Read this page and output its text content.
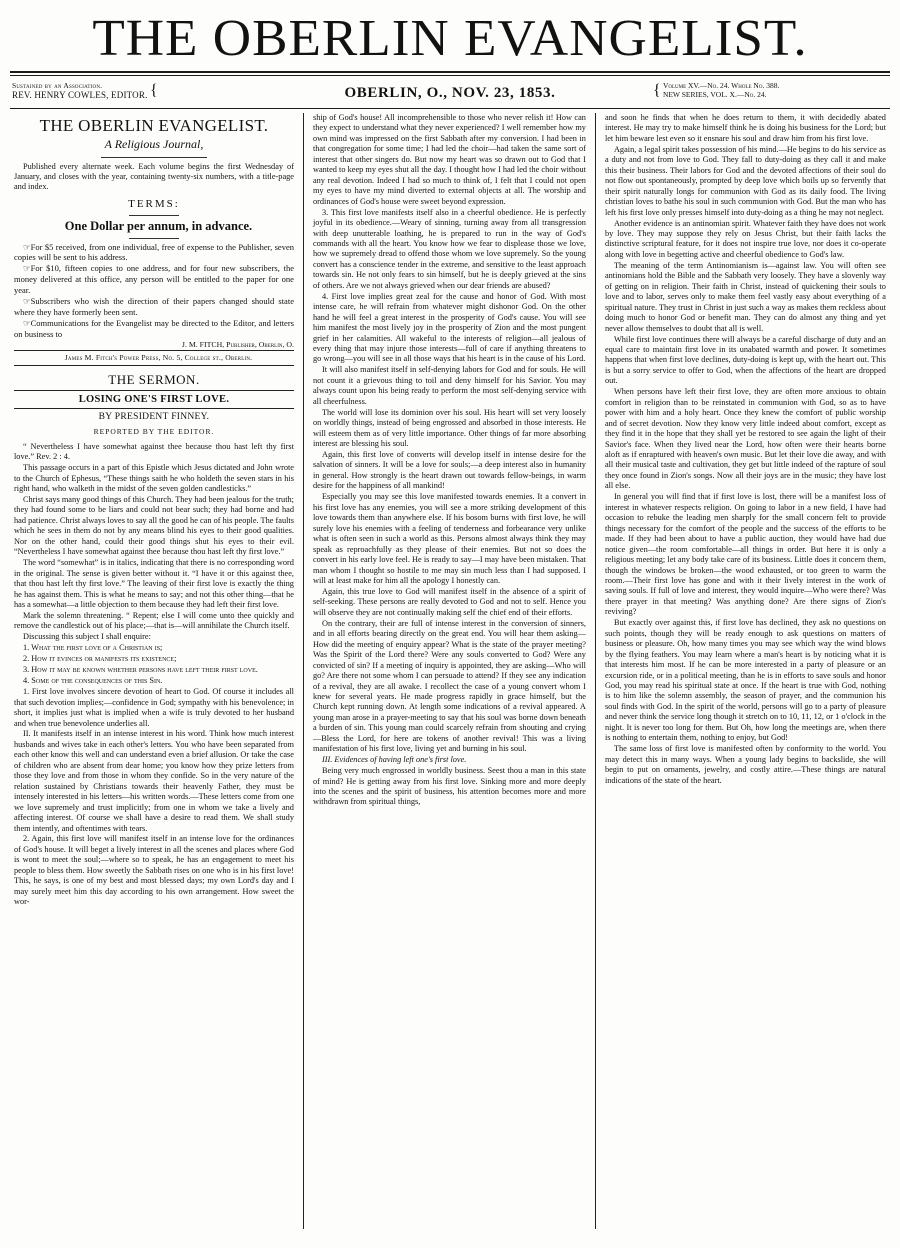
THE OBERLIN EVANGELIST.
Sustained by an Association.
REV. HENRY COWLES, EDITOR. {	OBERLIN, O., NOV. 23, 1853.	{ Volume XV.—No. 24. Whole No. 388.
NEW SERIES, VOL. X.—No. 24.
THE OBERLIN EVANGELIST.
A Religious Journal,

Published every alternate week. Each volume begins the first Wednesday of January, and closes with the year, containing twenty-six numbers, with a title-page and index.

TERMS:

One Dollar per annum, in advance.

☞For $5 received, from one individual, free of expense to the Publisher, seven copies will be sent to his address.

☞For $10, fifteen copies to one address, and for four new subscribers, the money delivered at this office, any person will be entitled to the paper for one year.

☞Subscribers who wish the direction of their papers changed should state where they have formerly been sent.

☞Communications for the Evangelist may be directed to the Editor, and letters on business to

J. M. FITCH, Publisher, Oberlin, O.

James M. Fitch's Power Press, No. 5, College st., Oberlin.

THE SERMON.
LOSING ONE'S FIRST LOVE.
BY PRESIDENT FINNEY.
REPORTED BY THE EDITOR.

“ Nevertheless I have somewhat against thee because thou hast left thy first love.” Rev. 2 : 4.

This passage occurs in a part of this Epistle which Jesus dictated and John wrote to the Church of Ephesus, “These things saith he who holdeth the seven stars in his right hand, who walketh in the midst of the seven golden candlesticks.”

Christ says many good things of this Church. They had been jealous for the truth; they had found some to be liars and could not bear such; they had borne and had had patience. Christ always loves to say all the good he can of his people. The faults which he sees in them do not by any means blind his eyes to their good qualities. Nor on the other hand, could their good things shut his eyes to their evil. “Nevertheless I have somewhat against thee because thou hast left thy first love.”

The word “somewhat” is in italics, indicating that there is no corresponding word in the original. The sense is given better without it. “I have it or this against thee, that thou hast left thy first love.” The leaving of their first love is exactly the thing he has against them. This is what he means to say; and not this other thing—that he has a somewhat—a little objection to them because they had left their first love.

Mark the solemn threatening. “ Repent; else I will come unto thee quickly and remove the candlestick out of his place;—that is—will annihilate the Church itself.

Discussing this subject I shall enquire:

1. What the first love of a Christian is;

2. How it evinces or manifests its existence;

3. How it may be known whether persons have left their first love.

4. Some of the consequences of this Sin.

1. First love involves sincere devotion of heart to God. Of course it includes all that such devotion implies;—confidence in God; sympathy with his benevolence; in short, it implies just what is implied when a wife is truly devoted to her husband and when true benevolence underlies all.

II. It manifests itself in an intense interest in his word. Think how much interest husbands and wives take in each other's letters. You who have been separated from each other know this well and can understand even a brief allusion. Or take the case of children who are absent from dear home; you know how they prize letters from those they love and from those in whom they confide. So in the very nature of the relation sustained by Christians towards their heavenly Father, they must be intensely interested in his letters—his written words.—These letters come from one we love supremely and trust implicitly; from one in whom we take a lively and affecting interest. Of course we shall have a desire to read them. We shall study them intently, and oftentimes with tears.

2. Again, this first love will manifest itself in an intense love for the ordinances of God's house. It will beget a lively interest in all the scenes and places where God is wont to meet the soul;—where so to speak, he has an engagement to meet his people to bless them. How sweetly the Sabbath rises on one who is in his first love! This, he says, is one of my best and most blessed days; my own Lord's day and I may surely meet him this day according to his own arrangement. How sweet the wor-

ship of God's house! All incomprehensible to those who never relish it! How can they expect to understand what they never experienced? I well remember how my own mind was impressed on the first Sabbath after my conversion. I had been in that congregation for some time; I had led the choir—had taken the same sort of interest that other singers do. But now my heart was so drawn out to God that I wanted to keep my eyes shut all the day. I thought how I had led the choir without any real devotion. Indeed I had so much to think of, I felt that I could not open my eyes to have my mind diverted to external objects at all. The worship and ordinances of God's house were sweet beyond expression.

3. This first love manifests itself also in a cheerful obedience. He is perfectly joyful in its obedience.—Weary of sinning, turning away from all transgression with deep unutterable loathing, he is prepared to run in the way of God's commands with all the heart. You know how we fear to displease those we love, how we supremely dread to offend those whom we love supremely. So the young convert has a conscience tender in the extreme, and sensitive to the least approach towards sin. He not only fears to sin himself, but he is deeply grieved at the sins of others. Are we not always grieved when our dear friends are abused?

4. First love implies great zeal for the cause and honor of God. With most intense care, he will refrain from whatever might dishonor God. On the other hand he will feel a great interest in the prosperity of God's cause. You will see him manifest the most lively joy in the prosperity of Zion and the most pungent grief in her calamities. All wakeful to the interests of religion—all jealous of every thing that may injure those interests—full of care if anything threatens to go wrong—you will see in all those ways that his heart is in the cause of his Lord.

It will also manifest itself in self-denying labors for God and for souls. He will not count it a grievous thing to toil and deny himself for his Savior. You may always count upon his being ready to perform the most self-denying service with all cheerfulness.

The world will lose its dominion over his soul. His heart will set very loosely on worldly things, instead of being engrossed and absorbed in those interests. He will esteem them as of very little importance. Other things of far more absorbing interest are blessing his soul.

Again, this first love of converts will develop itself in intense desire for the salvation of sinners. It will be a love for souls;—a deep interest also in humanity in general. How strongly is the heart drawn out towards fellow-beings, in warm desire for the happiness of all mankind!

Especially you may see this love manifested towards enemies. It a convert in his first love has any enemies, you will see a more striking development of this love towards them than anywhere else. If his bosom burns with first love, he will surely love his enemies with a feeling of tenderness and forbearance very unlike what is often seen in such a world as this. Persons almost always think they may speak as reproachfully as they please of their enemies. But not so does the convert in his early love feel. He is ready to say—I may have been mistaken. That man whom I thought so hostile to me may sin much less than I had supposed. I will at least make for him all the apology I honestly can.

Again, this true love to God will manifest itself in the absence of a spirit of self-seeking. These persons are really devoted to God and not to self. Hence you will observe they are not continually making self the chief end of their efforts.

On the contrary, their are full of intense interest in the conversion of sinners, and in all efforts bearing directly on the great end. You will hear them asking—How did the meeting of enquiry appear? What is the state of the prayer meeting? Was the Spirit of the Lord there? Were any souls converted to God? Were any convicted of sin? If a meeting of inquiry is appointed, they are asking—Who will go? Are there not some whom I can persuade to attend? If they see any indication of a revival, they are all awake. I recollect the case of a young convert whom I knew for several years. He made progress rapidly in grace himself, but the Church kept running down. At length some indications of a revival appeared. A young man arose in a prayer-meeting to say that his soul was borne down beneath a burden of sin. This young man could scarcely refrain from shouting and crying—Bless the Lord, for here are tokens of another revival! This was a living manifestation of his first love, living yet and burning in his soul.

III. Evidences of having left one's first love.

Being very much engrossed in worldly business. Seest thou a man in this state of mind? He is getting away from his first love. Sinking more and more deeply into the scenes and the spirit of business, his attention becomes more and more withdrawn from spiritual things,

and soon he finds that when he does return to them, it with decidedly abated interest. He may try to make himself think he is doing his business for the Lord; but let him beware lest even so it ensnare his soul and draw him from his first love.

Again, a legal spirit takes possession of his mind.—He begins to do his service as a duty and not from love to God. They fall to duty-doing as they call it and make this their business. Their labors for God and the devoted affections of their soul do not flow out spontaneously, prompted by deep love which boils up so fervently that their spirit naturally longs for communion with God as its daily food. The living christian loves to bathe his soul in such communion with God. But the man who has left his first love only presses himself into duty-doing as a thing he may not neglect.

Another evidence is an antinomian spirit. Whatever faith they have does not work by love. They may suppose they rely on Jesus Christ, but their faith lacks the distinctive scriptural feature, for it does not inspire true love, nor does it co-operate along with love in begetting active and cheerful obedience to God's law.

The meaning of the term Antinomianism is—against law. You will often see antinomians hold the Bible and the Sabbath very loosely. They have a slovenly way of getting on in religion. Their faith in Christ, instead of quickening their souls to love and to labor, serves only to make them feel vastly easy about everything of a spiritual nature. They trust in Christ in just such a way as makes them reckless about doing much to honor God or benefit man. They can do almost any thing and yet never allow themselves to doubt that all is well.

While first love continues there will always be a careful discharge of duty and an equal care to maintain first love in its unabated warmth and power. It sometimes happens that when first love declines, duty-doing is kept up, with the heart out. This is but a sorry service to offer to God, when the affections of the heart are dropped out.

When persons have left their first love, they are often more anxious to obtain comfort in religion than to be reinstated in communion with God, so as to have power with him and a holy heart. Once they knew the comfort of public worship and of secret devotion. Now they know very little indeed about comfort, except as they find it in the hope that they shall yet be restored to see again the light of their Savior's face. When they lived near the Lord, how often were their hearts borne aloft as if enraptured with heaven's own music. But let their love die away, and with all their musical taste and cultivation, they get but little indeed of the rapture of soul they once found in Zion's songs. Now all their joys are in the music; they have lost all else.

In general you will find that if first love is lost, there will be a manifest loss of interest in whatever respects religion. On going to labor in a new field, I have had occasion to rebuke the leading men sharply for the small concern felt to provide things necessary for the comfort of the people and the success of the efforts to be made. If they had been about to have a public auction, they would have had due notice given—the room comfortable—all things in order. But here it is only a religious meeting; let any body take care of its business. Little does it concern them, though the windows be broken—the wood exhausted, or too green to warm the room.—Their first love has gone and with it their lively interest in the work of saving souls. If full of love and interest, they would inquire—Who were there? Was there prayer in that meeting? Was anything done? Are there signs of Zion's reviving?

But exactly over against this, if first love has declined, they ask no questions on such points, though they will be ready enough to ask questions on matters of business or pleasure. Oh, how many times you may see which way the wind blows by the flying feathers. You may learn where a man's heart is by noticing what it is that interests him most. If he can be more interested in a party of pleasure or an excursion ride, or in a political meeting, than he is in efforts to save souls and honor God, you may read his spiritual state at once. If the heart is true with God, nothing is to him like the solemn assembly, the season of prayer, and the communion his soul finds with God. In the spirit of the world, persons will go to a party of pleasure and never think the service long though it stretch on to 10, 11, 12, or 1 o'clock in the night. It is never too long for them. But Oh, how long the meetings are, when there is nothing to entertain them, nothing to enjoy, but God!

The same loss of first love is manifested often by conformity to the world. You may detect this in many ways. When a young lady begins to backslide, she will begin to put on ornaments, jewelry, and costly attire.—These things are natural indications of the state of the heart.
